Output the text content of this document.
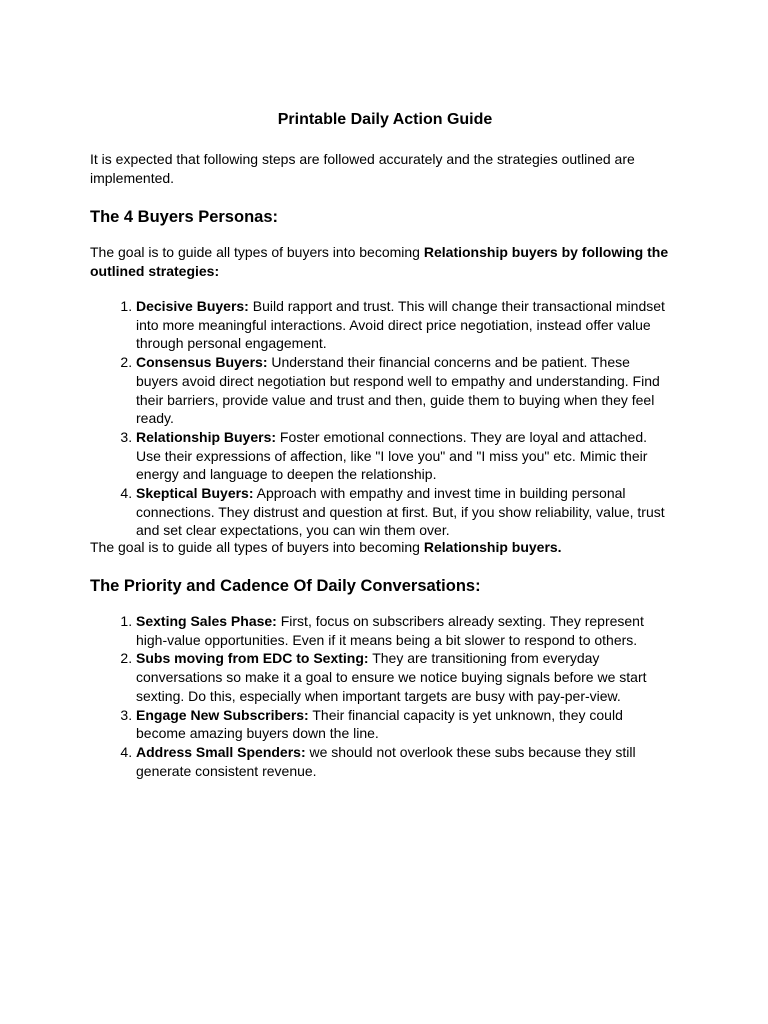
Printable Daily Action Guide
It is expected that following steps are followed accurately and the strategies outlined are implemented.
The 4 Buyers Personas:
The goal is to guide all types of buyers into becoming Relationship buyers by following the outlined strategies:
1. Decisive Buyers: Build rapport and trust. This will change their transactional mindset into more meaningful interactions. Avoid direct price negotiation, instead offer value through personal engagement.
2. Consensus Buyers: Understand their financial concerns and be patient. These buyers avoid direct negotiation but respond well to empathy and understanding. Find their barriers, provide value and trust and then, guide them to buying when they feel ready.
3. Relationship Buyers: Foster emotional connections. They are loyal and attached. Use their expressions of affection, like "I love you" and "I miss you" etc. Mimic their energy and language to deepen the relationship.
4. Skeptical Buyers: Approach with empathy and invest time in building personal connections. They distrust and question at first. But, if you show reliability, value, trust and set clear expectations, you can win them over.
The goal is to guide all types of buyers into becoming Relationship buyers.
The Priority and Cadence Of Daily Conversations:
1. Sexting Sales Phase: First, focus on subscribers already sexting. They represent high-value opportunities. Even if it means being a bit slower to respond to others.
2. Subs moving from EDC to Sexting: They are transitioning from everyday conversations so make it a goal to ensure we notice buying signals before we start sexting. Do this, especially when important targets are busy with pay-per-view.
3. Engage New Subscribers: Their financial capacity is yet unknown, they could become amazing buyers down the line.
4. Address Small Spenders: we should not overlook these subs because they still generate consistent revenue.
